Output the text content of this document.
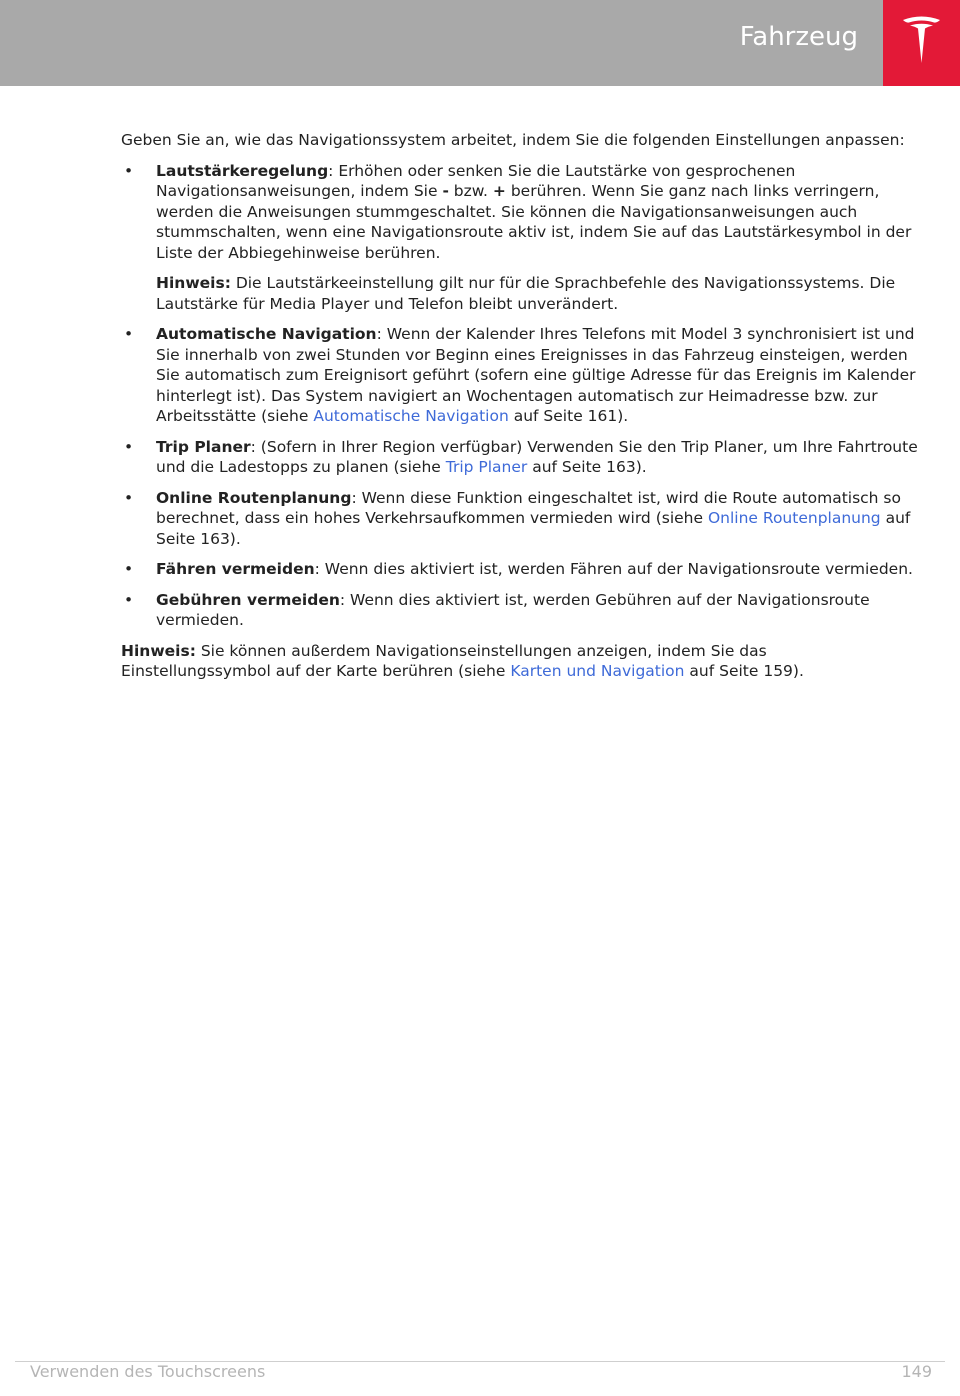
Fahrzeug

Geben Sie an, wie das Navigationssystem arbeitet, indem Sie die folgenden Einstellungen anpassen:

• Lautstärkeregelung: Erhöhen oder senken Sie die Lautstärke von gesprochenen Navigationsanweisungen, indem Sie - bzw. + berühren. Wenn Sie ganz nach links verringern, werden die Anweisungen stummgeschaltet. Sie können die Navigationsanweisungen auch stummschalten, wenn eine Navigationsroute aktiv ist, indem Sie auf das Lautstärkesymbol in der Liste der Abbiegehinweise berühren.
Hinweis: Die Lautstärkeeinstellung gilt nur für die Sprachbefehle des Navigationssystems. Die Lautstärke für Media Player und Telefon bleibt unverändert.
• Automatische Navigation: Wenn der Kalender Ihres Telefons mit Model 3 synchronisiert ist und Sie innerhalb von zwei Stunden vor Beginn eines Ereignisses in das Fahrzeug einsteigen, werden Sie automatisch zum Ereignisort geführt (sofern eine gültige Adresse für das Ereignis im Kalender hinterlegt ist). Das System navigiert an Wochentagen automatisch zur Heimadresse bzw. zur Arbeitsstätte (siehe Automatische Navigation auf Seite 161).
• Trip Planer: (Sofern in Ihrer Region verfügbar) Verwenden Sie den Trip Planer, um Ihre Fahrtroute und die Ladestopps zu planen (siehe Trip Planer auf Seite 163).
• Online Routenplanung: Wenn diese Funktion eingeschaltet ist, wird die Route automatisch so berechnet, dass ein hohes Verkehrsaufkommen vermieden wird (siehe Online Routenplanung auf Seite 163).
• Fähren vermeiden: Wenn dies aktiviert ist, werden Fähren auf der Navigationsroute vermieden.
• Gebühren vermeiden: Wenn dies aktiviert ist, werden Gebühren auf der Navigationsroute vermieden.

Hinweis: Sie können außerdem Navigationseinstellungen anzeigen, indem Sie das Einstellungssymbol auf der Karte berühren (siehe Karten und Navigation auf Seite 159).

Verwenden des Touchscreens	149
